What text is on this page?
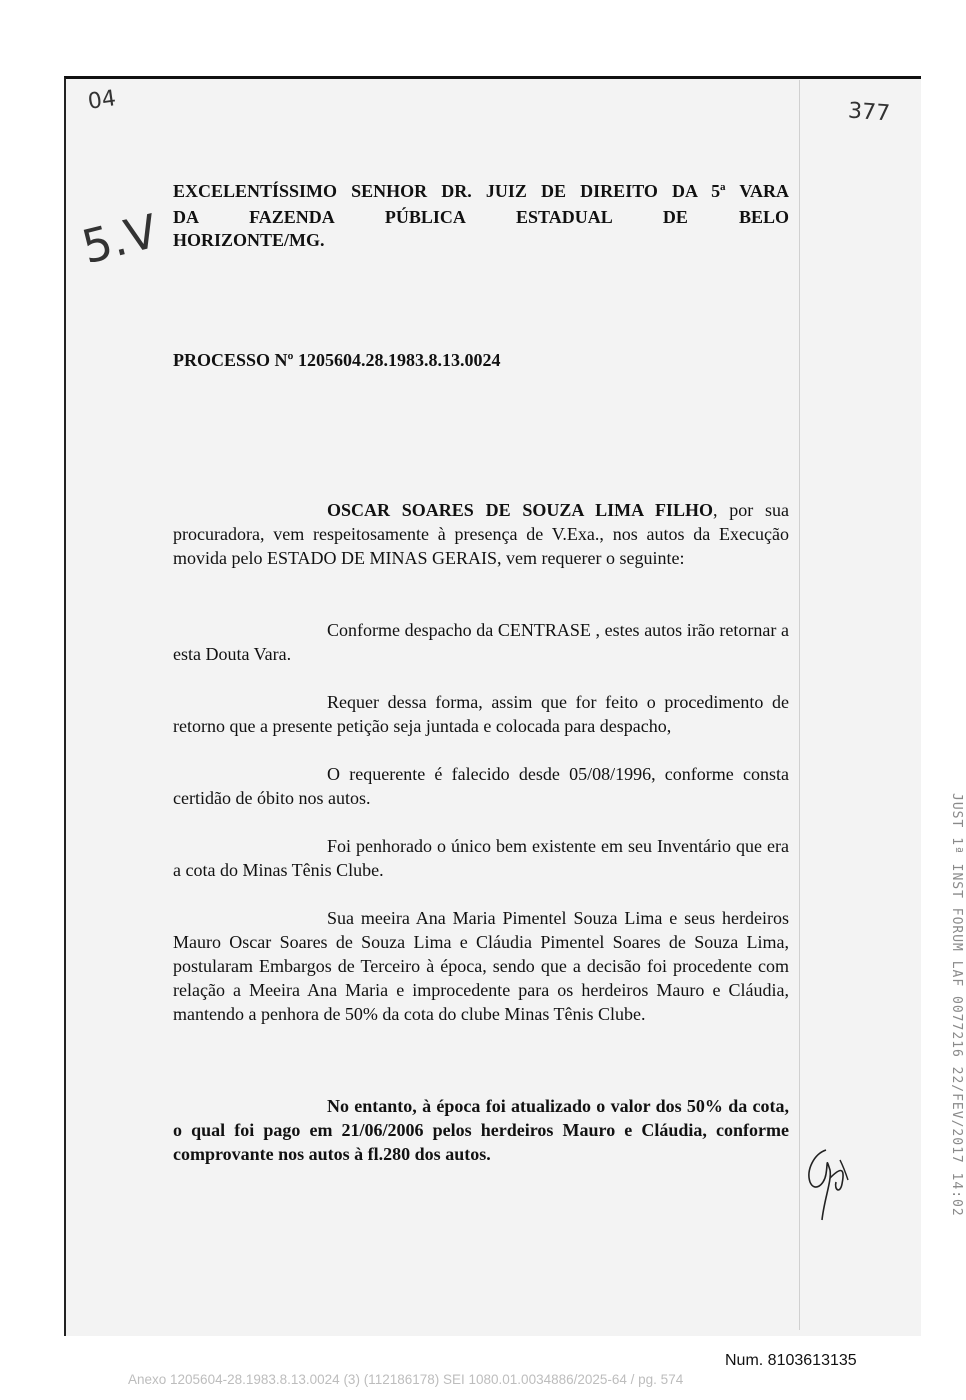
04	377
5.V
EXCELENTÍSSIMO SENHOR DR. JUIZ DE DIREITO DA 5ª VARA
DA FAZENDA PÚBLICA ESTADUAL DE BELO
HORIZONTE/MG.
PROCESSO Nº 1205604.28.1983.8.13.0024
OSCAR SOARES DE SOUZA LIMA FILHO, por sua procuradora, vem respeitosamente à presença de V.Exa., nos autos da Execução movida pelo ESTADO DE MINAS GERAIS, vem requerer o seguinte:
Conforme despacho da CENTRASE , estes autos irão retornar a esta Douta Vara.
Requer dessa forma, assim que for feito o procedimento de retorno que a presente petição seja juntada e colocada para despacho,
O requerente é falecido desde 05/08/1996, conforme consta certidão de óbito nos autos.
Foi penhorado o único bem existente em seu Inventário que era a cota do Minas Tênis Clube.
Sua meeira Ana Maria Pimentel Souza Lima e seus herdeiros Mauro Oscar Soares de Souza Lima e Cláudia Pimentel Soares de Souza Lima, postularam Embargos de Terceiro à época, sendo que a decisão foi procedente com relação a Meeira Ana Maria e improcedente para os herdeiros Mauro e Cláudia, mantendo a penhora de 50% da cota do clube Minas Tênis Clube.
No entanto, à época foi atualizado o valor dos 50% da cota, o qual foi pago em 21/06/2006 pelos herdeiros Mauro e Cláudia, conforme comprovante nos autos à fl.280 dos autos.	JUST 1ª INST FORUM LAF 0077216 22/FEV/2017 14:02
Num. 8103613135
Anexo 1205604-28.1983.8.13.0024 (3) (112186178) SEI 1080.01.0034886/2025-64 / pg. 574
